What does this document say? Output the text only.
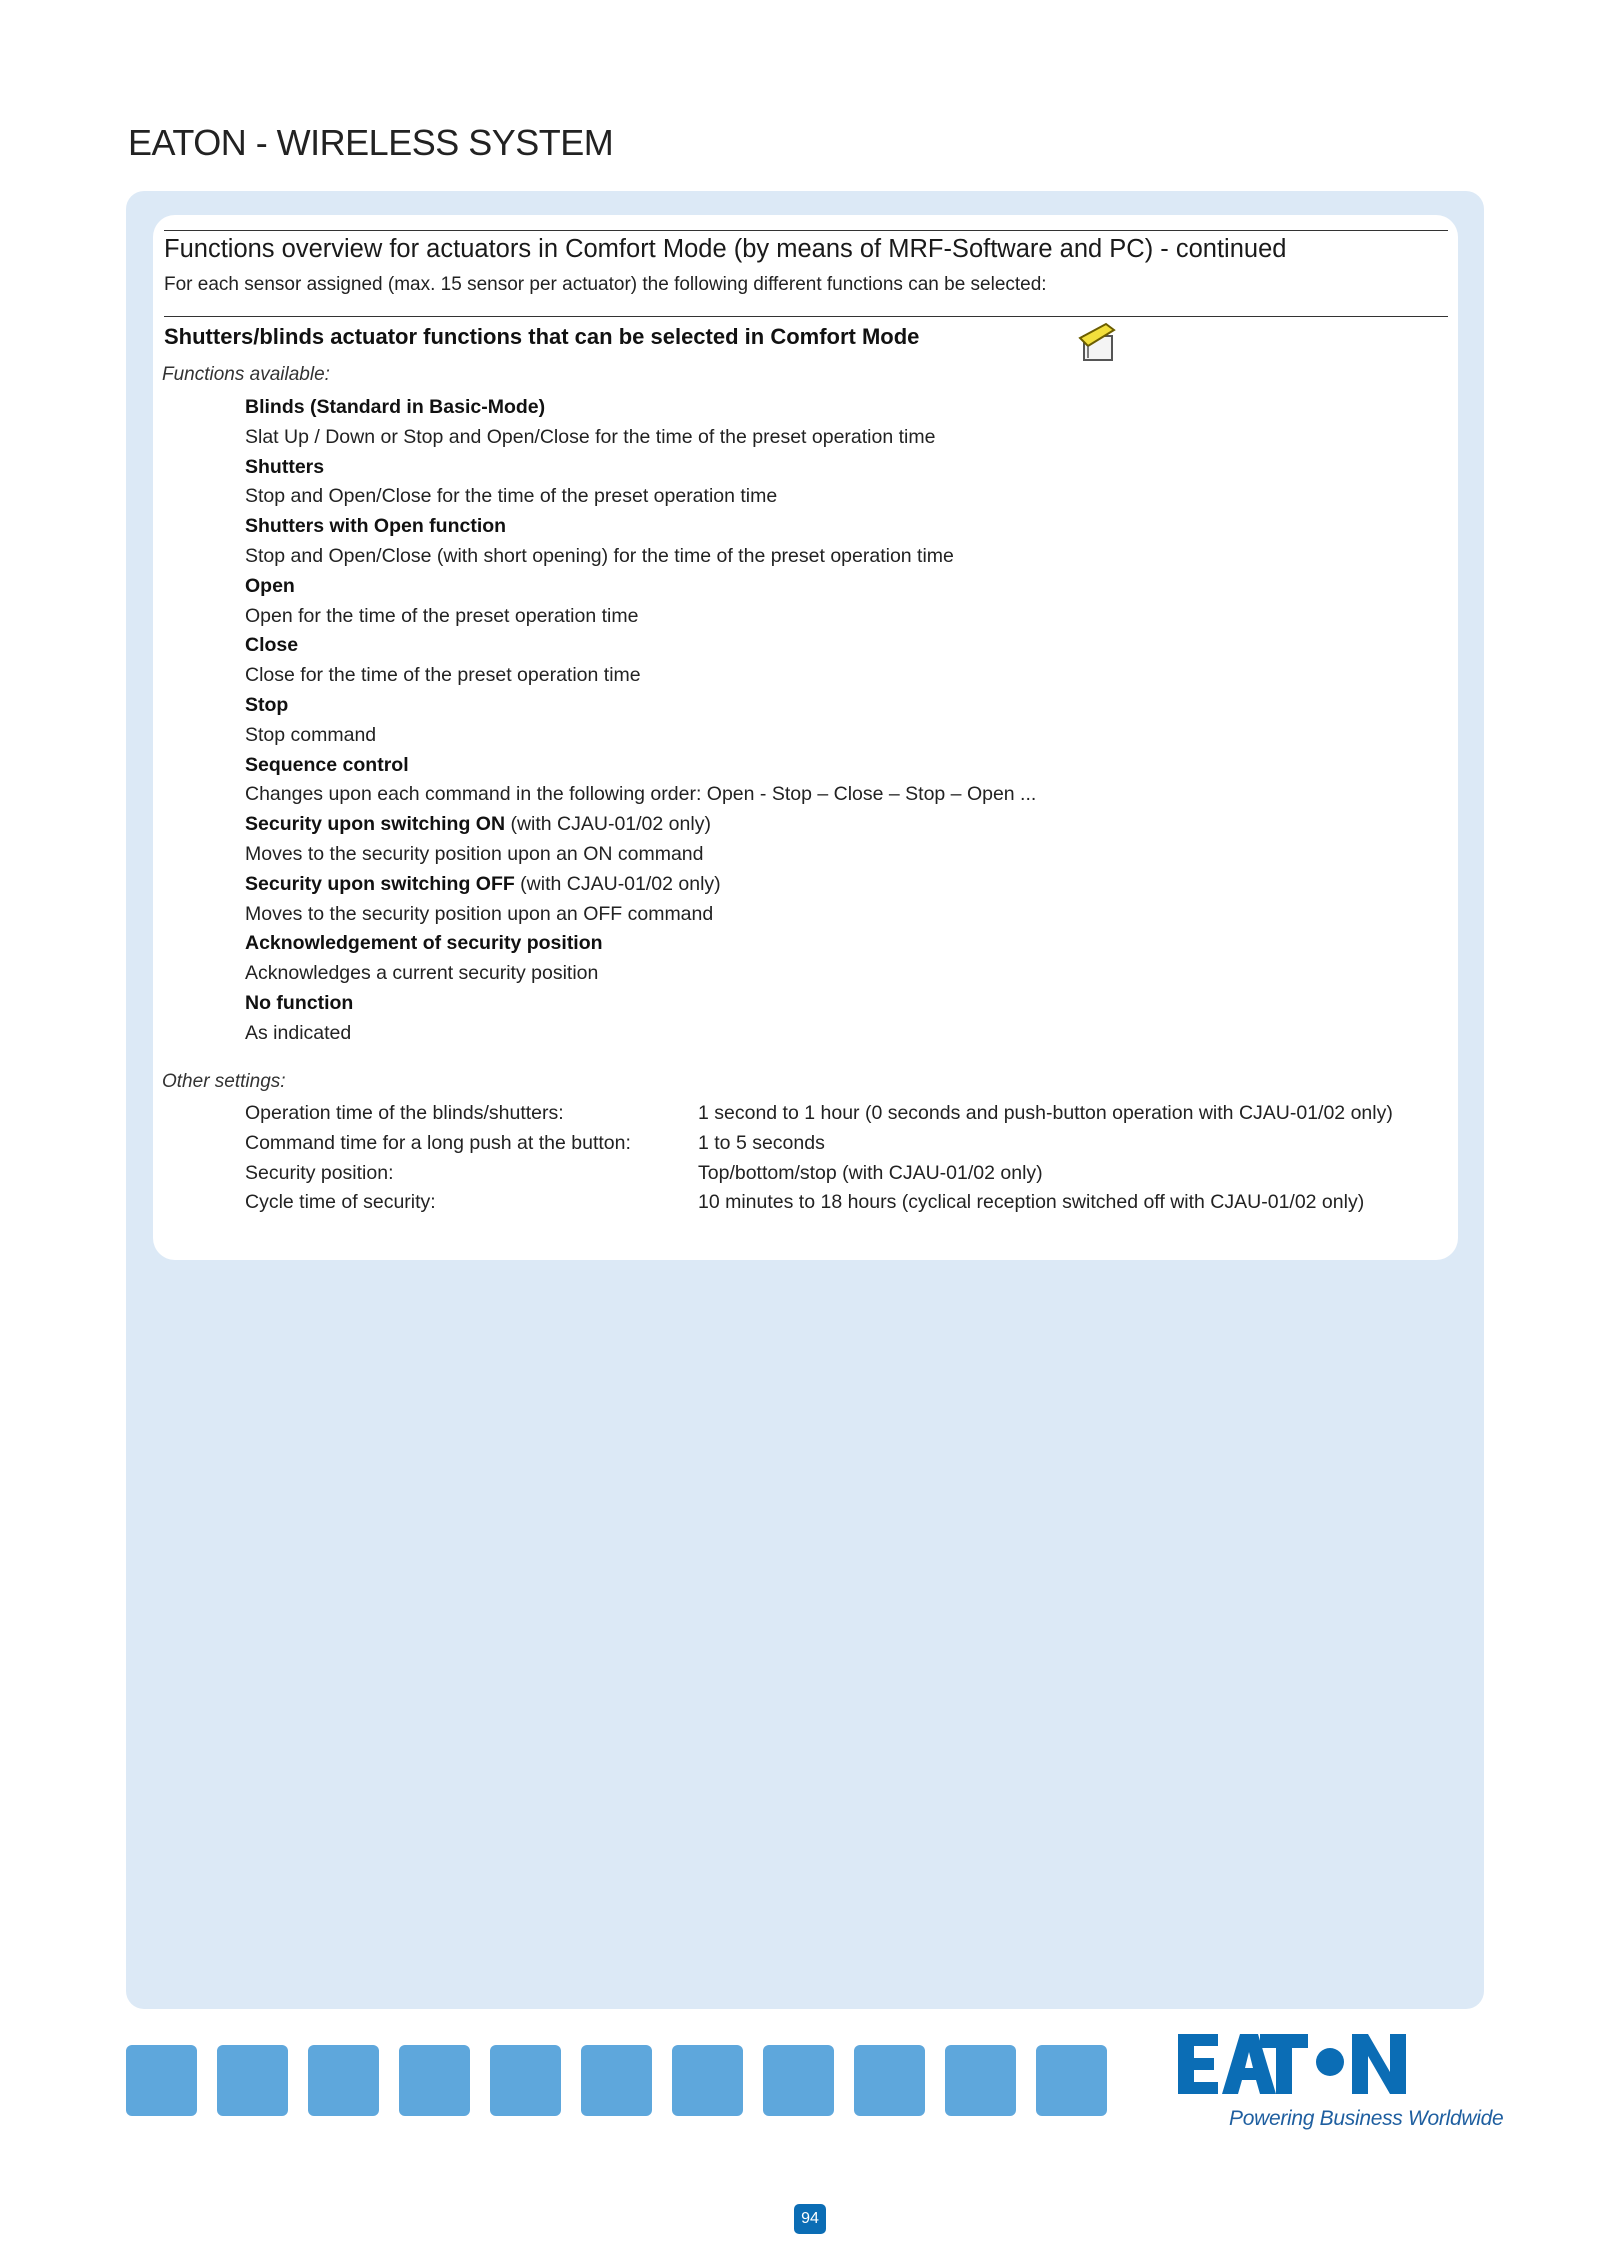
EATON - WIRELESS SYSTEM
Functions overview for actuators in Comfort Mode (by means of MRF-Software and PC) - continued
For each sensor assigned (max. 15 sensor per actuator) the following different functions can be selected:
Shutters/blinds actuator functions that can be selected in Comfort Mode
Functions available:
Blinds (Standard in Basic-Mode)
Slat Up / Down or Stop and Open/Close for the time of the preset operation time
Shutters
Stop and Open/Close for the time of the preset operation time
Shutters with Open function
Stop and Open/Close (with short opening) for the time of the preset operation time
Open
Open for the time of the preset operation time
Close
Close for the time of the preset operation time
Stop
Stop command
Sequence control
Changes upon each command in the following order: Open - Stop – Close – Stop – Open ...
Security upon switching ON (with CJAU-01/02 only)
Moves to the security position upon an ON command
Security upon switching OFF (with CJAU-01/02 only)
Moves to the security position upon an OFF command
Acknowledgement of security position
Acknowledges a current security position
No function
As indicated
Other settings:
Operation time of the blinds/shutters:	1 second to 1 hour (0 seconds and push-button operation with CJAU-01/02 only)
Command time for a long push at the button:	1 to 5 seconds
Security position:	Top/bottom/stop (with CJAU-01/02 only)
Cycle time of security:	10 minutes to 18 hours (cyclical reception switched off with CJAU-01/02 only)
Powering Business Worldwide
94
